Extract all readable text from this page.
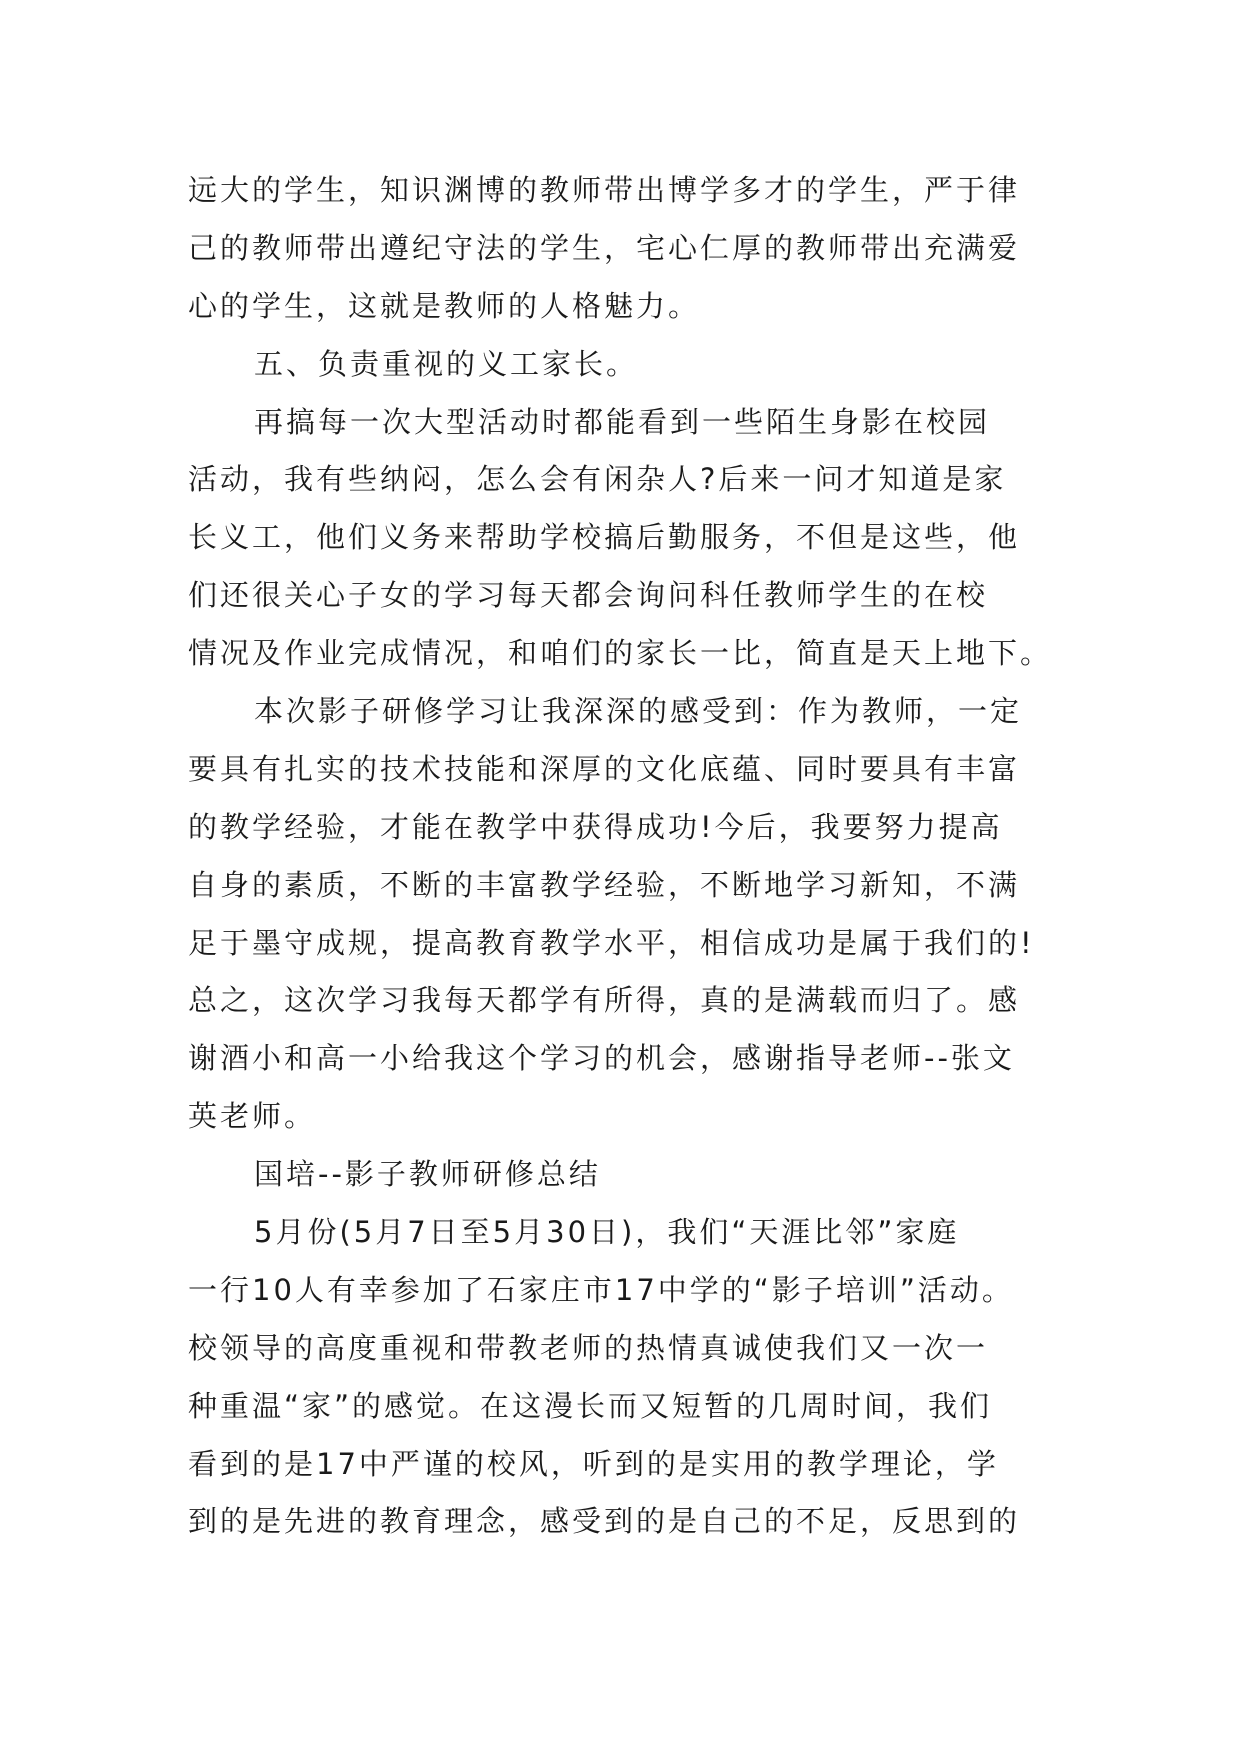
远大的学生，知识渊博的教师带出博学多才的学生，严于律
己的教师带出遵纪守法的学生，宅心仁厚的教师带出充满爱
心的学生，这就是教师的人格魅力。
五、负责重视的义工家长。
再搞每一次大型活动时都能看到一些陌生身影在校园
活动，我有些纳闷，怎么会有闲杂人?后来一问才知道是家
长义工，他们义务来帮助学校搞后勤服务，不但是这些，他
们还很关心子女的学习每天都会询问科任教师学生的在校
情况及作业完成情况，和咱们的家长一比，简直是天上地下。
本次影子研修学习让我深深的感受到：作为教师，一定
要具有扎实的技术技能和深厚的文化底蕴、同时要具有丰富
的教学经验，才能在教学中获得成功!今后，我要努力提高
自身的素质，不断的丰富教学经验，不断地学习新知，不满
足于墨守成规，提高教育教学水平，相信成功是属于我们的!
总之，这次学习我每天都学有所得，真的是满载而归了。感
谢酒小和高一小给我这个学习的机会，感谢指导老师--张文
英老师。
国培--影子教师研修总结
5月份(5月7日至5月30日)，我们“天涯比邻”家庭
一行10人有幸参加了石家庄市17中学的“影子培训”活动。
校领导的高度重视和带教老师的热情真诚使我们又一次一
种重温“家”的感觉。在这漫长而又短暂的几周时间，我们
看到的是17中严谨的校风，听到的是实用的教学理论，学
到的是先进的教育理念，感受到的是自己的不足，反思到的
